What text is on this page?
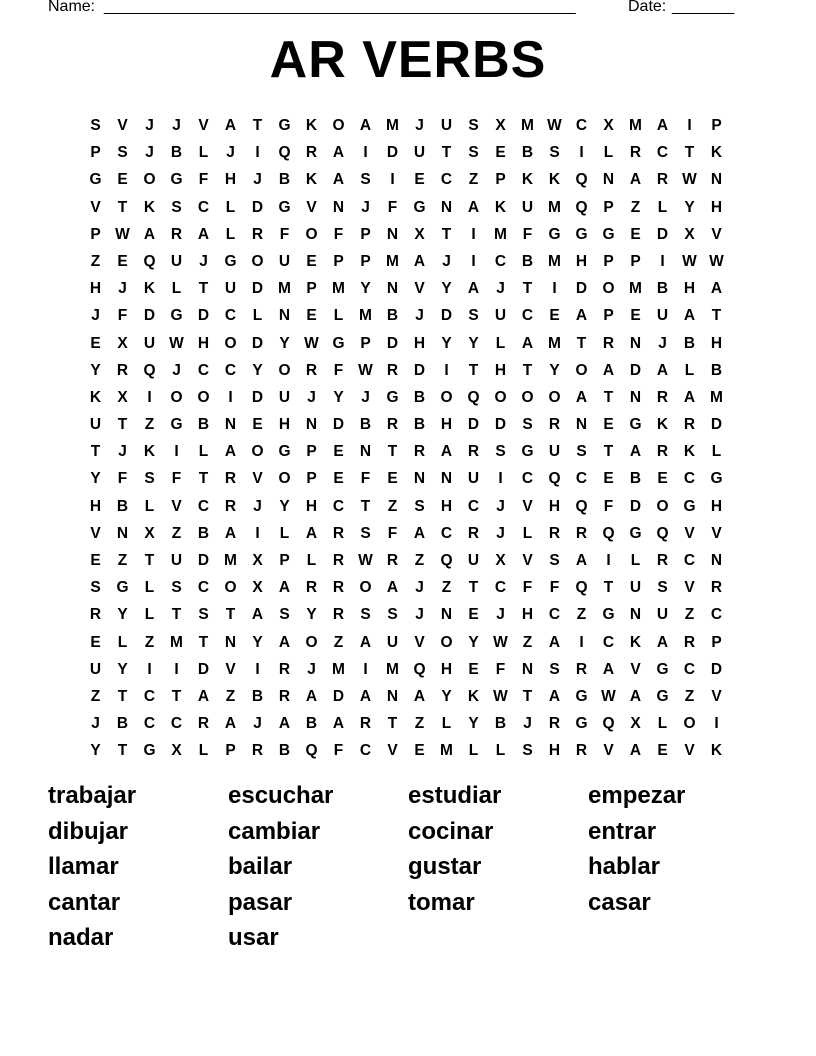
Name: _____________________________________________________	Date: _______
AR VERBS
S	V	J	J	V	A	T	G K O A M	J	U	S	X M W C	X M A	I	P
P	S	J	B	L	J	I	Q R	A	I	D	U	T	S	E	B	S	I	L	R	C	T	K
G	E	O G	F	H	J	B	K	A	S	I	E	C	Z	P	K	K Q N	A	R W N
V	T	K	S	C	L	D G	V	N	J	F	G N	A	K	U M Q	P	Z	L	Y	H
P W A	R	A	L	R	F	O	F	P	N	X	T	I	M	F	G G G	E	D	X	V
Z	E	Q U	J	G O U	E	P	P M A	J	I	C	B M H	P	P	I	W W
H	J	K	L	T	U	D M P M Y	N	V	Y	A	J	T	I	D O M B	H	A
J	F	D G D	C	L	N	E	L	M B	J	D	S	U	C	E	A	P	E	U	A	T
E	X	U W H O D	Y W G	P	D	H	Y	Y	L	A M	T	R	N	J	B	H
Y	R Q	J	C	C	Y	O R	F W R	D	I	T	H	T	Y	O A	D	A	L	B
K	X	I	O O	I	D	U	J	Y	J	G B O Q O O O A	T	N	R	A M
U	T	Z	G B	N	E	H	N	D	B	R	B	H	D	D	S	R	N	E	G K	R	D
T	J	K	I	L	A O G	P	E	N	T	R	A	R	S	G U	S	T	A	R	K	L
Y	F	S	F	T	R	V	O	P	E	F	E	N	N	U	I	C Q C	E	B	E	C G
H	B	L	V	C	R	J	Y	H	C	T	Z	S	H	C	J	V	H Q	F	D O G H
V	N	X	Z	B	A	I	L	A	R	S	F	A	C	R	J	L	R	R Q G Q	V	V
E	Z	T	U	D M X	P	L	R W R	Z	Q U	X	V	S	A	I	L	R	C	N
S	G	L	S	C O	X	A	R	R O A	J	Z	T	C	F	F	Q	T	U	S	V	R
R	Y	L	T	S	T	A	S	Y	R	S	S	J	N	E	J	H	C	Z	G N	U	Z	C
E	L	Z	M	T	N	Y	A O	Z	A	U	V	O	Y W Z	A	I	C	K	A	R	P
U	Y	I	I	D	V	I	R	J	M	I	M Q H	E	F	N	S	R	A	V	G C	D
Z	T	C	T	A	Z	B	R	A	D	A	N	A	Y	K W T	A G W A G	Z	V
J	B	C	C	R	A	J	A	B	A	R	T	Z	L	Y	B	J	R G Q	X	L	O	I
Y	T	G	X	L	P	R	B Q	F	C	V	E M	L	L	S	H	R	V	A	E	V	K
trabajar	escuchar	estudiar	empezar
dibujar	cambiar	cocinar	entrar
llamar	bailar	gustar	hablar
cantar	pasar	tomar	casar
nadar	usar
